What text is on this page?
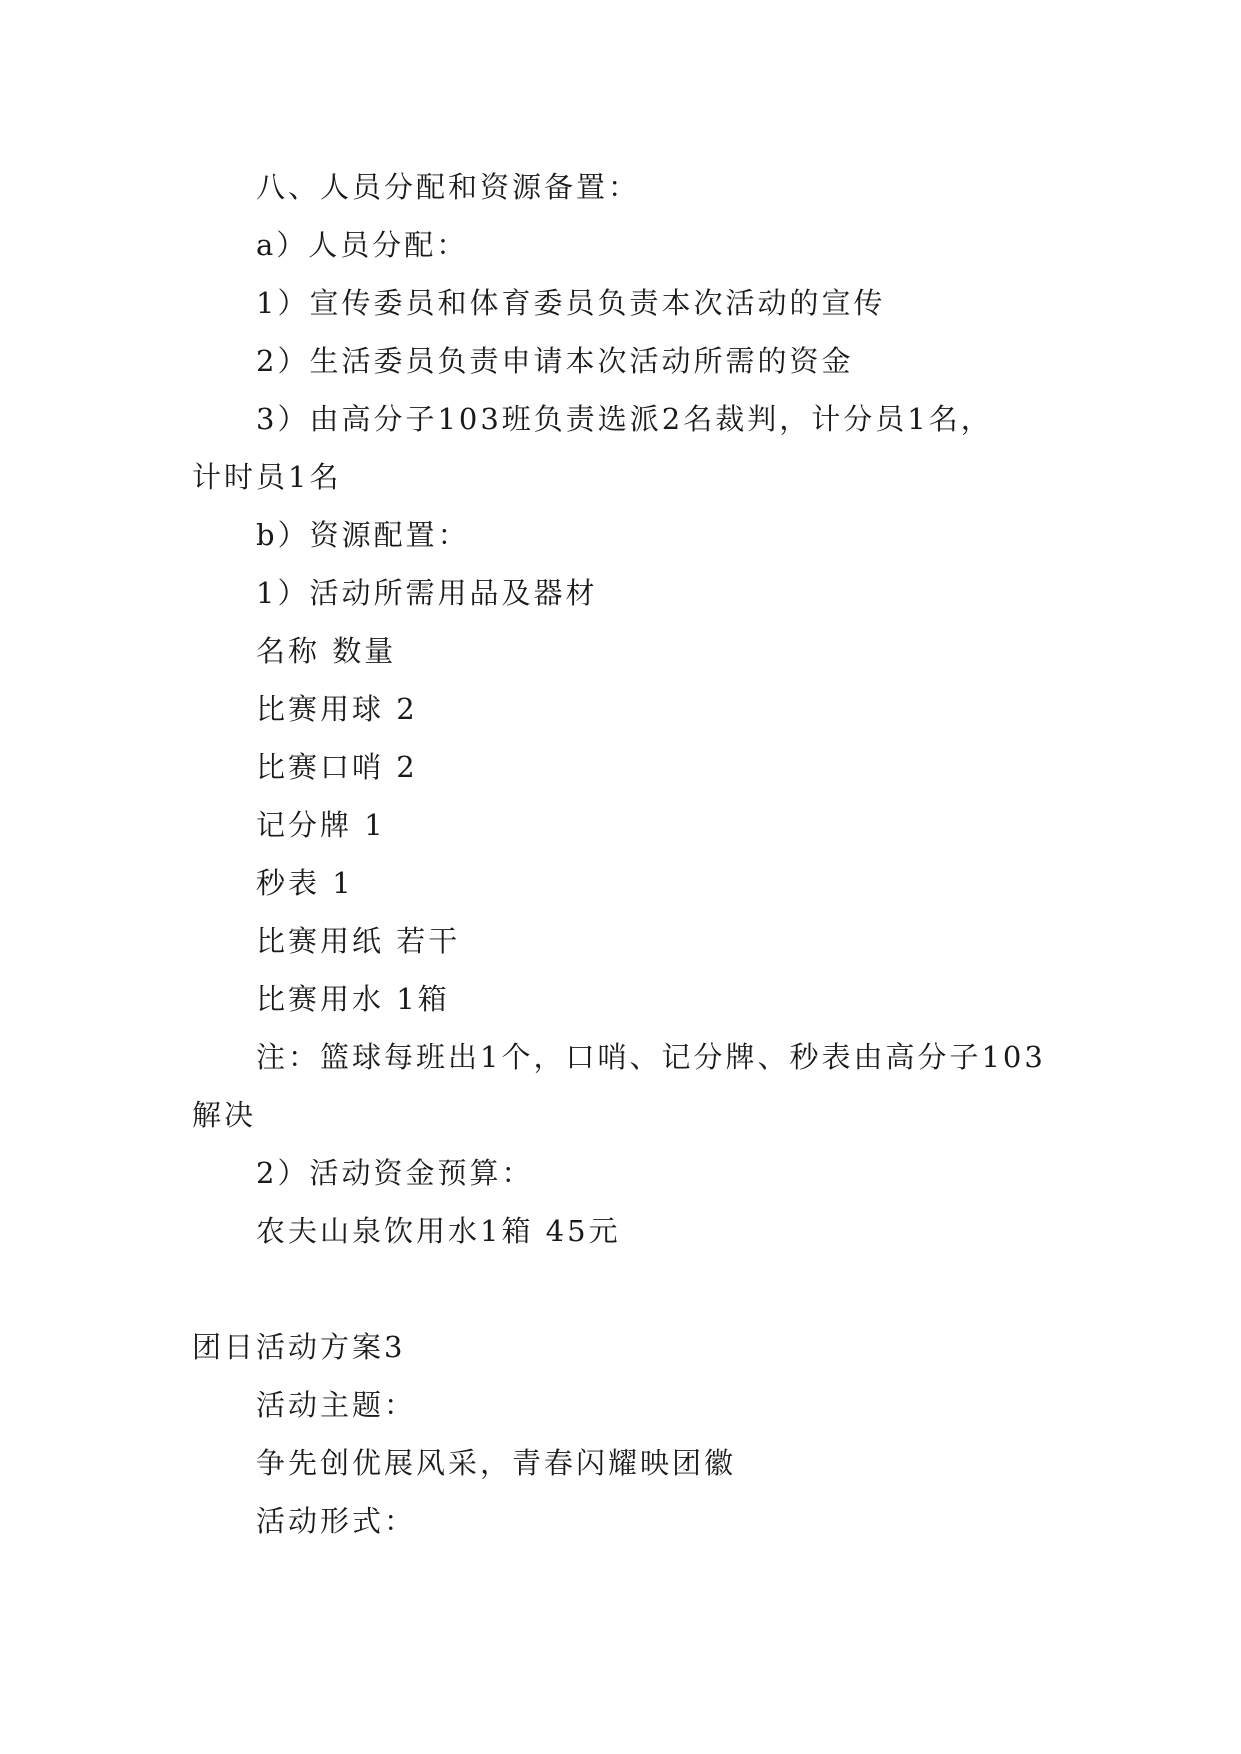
八、人员分配和资源备置：
a）人员分配：
1）宣传委员和体育委员负责本次活动的宣传
2）生活委员负责申请本次活动所需的资金
3）由高分子103班负责选派2名裁判，计分员1名，
计时员1名
b）资源配置：
1）活动所需用品及器材
名称 数量
比赛用球 2
比赛口哨 2
记分牌 1
秒表 1
比赛用纸 若干
比赛用水 1箱
注：篮球每班出1个，口哨、记分牌、秒表由高分子103
解决
2）活动资金预算：
农夫山泉饮用水1箱 45元
团日活动方案3
活动主题：
争先创优展风采，青春闪耀映团徽
活动形式：
